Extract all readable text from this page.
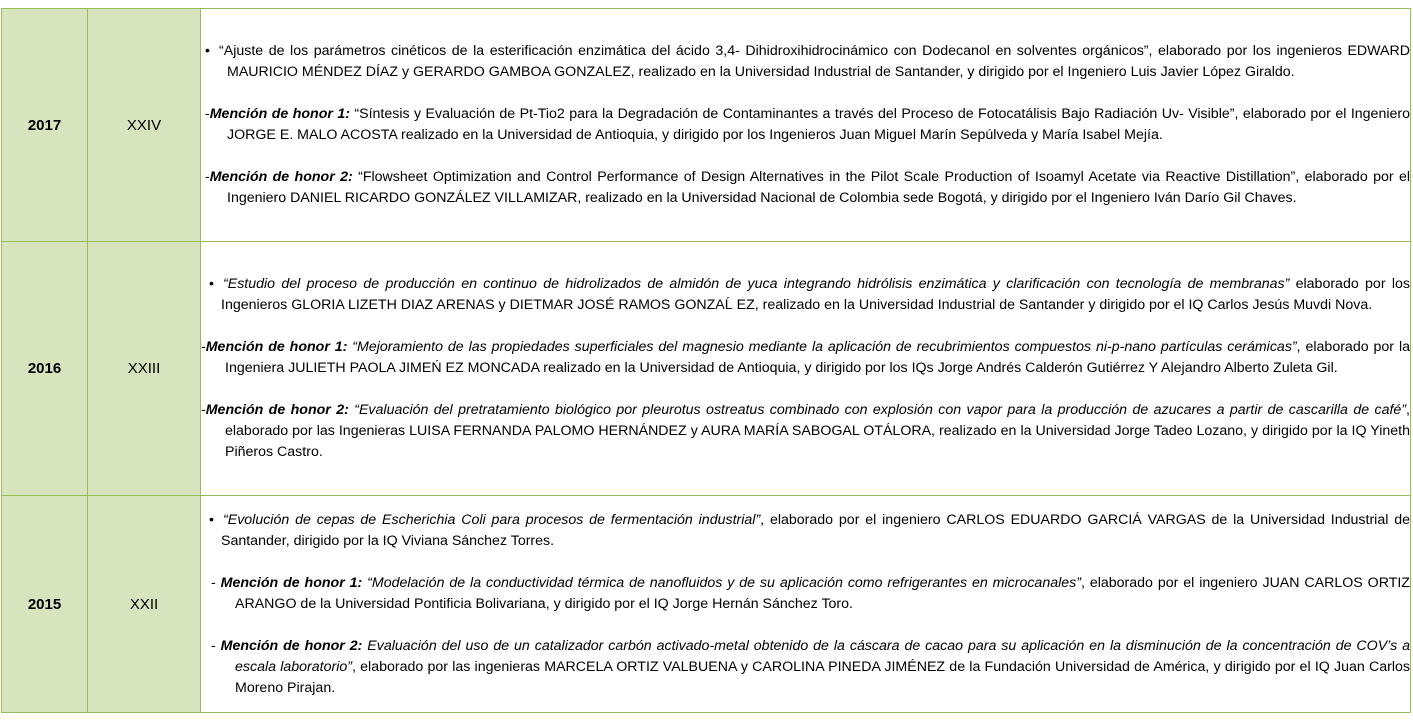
2017	XXIV	• “Ajuste de los parámetros cinéticos de la esterificación enzimática del ácido 3,4- Dihidroxihidrocinámico con Dodecanol en solventes orgánicos”, elaborado por los ingenieros EDWARD MAURICIO MÉNDEZ DÍAZ y GERARDO GAMBOA GONZALEZ, realizado en la Universidad Industrial de Santander, y dirigido por el Ingeniero Luis Javier López Giraldo.

-Mención de honor 1: “Síntesis y Evaluación de Pt-Tio2 para la Degradación de Contaminantes a través del Proceso de Fotocatálisis Bajo Radiación Uv- Visible”, elaborado por el Ingeniero JORGE E. MALO ACOSTA realizado en la Universidad de Antioquia, y dirigido por los Ingenieros Juan Miguel Marín Sepúlveda y María Isabel Mejía.

-Mención de honor 2: “Flowsheet Optimization and Control Performance of Design Alternatives in the Pilot Scale Production of Isoamyl Acetate via Reactive Distillation”, elaborado por el Ingeniero DANIEL RICARDO GONZÁLEZ VILLAMIZAR, realizado en la Universidad Nacional de Colombia sede Bogotá, y dirigido por el Ingeniero Iván Darío Gil Chaves.

2016	XXIII	• “Estudio del proceso de producción en continuo de hidrolizados de almidón de yuca integrando hidrólisis enzimática y clarificación con tecnología de membranas” elaborado por los Ingenieros GLORIA LIZETH DIAZ ARENAS y DIETMAR JOSÉ RAMOS GONZAĹ EZ, realizado en la Universidad Industrial de Santander y dirigido por el IQ Carlos Jesús Muvdi Nova.

-Mención de honor 1: “Mejoramiento de las propiedades superficiales del magnesio mediante la aplicación de recubrimientos compuestos ni-p-nano partículas cerámicas”, elaborado por la Ingeniera JULIETH PAOLA JIMEŃ EZ MONCADA realizado en la Universidad de Antioquia, y dirigido por los IQs Jorge Andrés Calderón Gutiérrez Y Alejandro Alberto Zuleta Gil.

-Mención de honor 2: “Evaluación del pretratamiento biológico por pleurotus ostreatus combinado con explosión con vapor para la producción de azucares a partir de cascarilla de café”, elaborado por las Ingenieras LUISA FERNANDA PALOMO HERNÁNDEZ y AURA MARÍA SABOGAL OTÁLORA, realizado en la Universidad Jorge Tadeo Lozano, y dirigido por la IQ Yineth Piñeros Castro.

2015	XXII	• “Evolución de cepas de Escherichia Coli para procesos de fermentación industrial”, elaborado por el ingeniero CARLOS EDUARDO GARCIÁ VARGAS de la Universidad Industrial de Santander, dirigido por la IQ Viviana Sánchez Torres.

- Mención de honor 1: “Modelación de la conductividad térmica de nanofluidos y de su aplicación como refrigerantes en microcanales”, elaborado por el ingeniero JUAN CARLOS ORTIZ ARANGO de la Universidad Pontificia Bolivariana, y dirigido por el IQ Jorge Hernán Sánchez Toro.

- Mención de honor 2: Evaluación del uso de un catalizador carbón activado-metal obtenido de la cáscara de cacao para su aplicación en la disminución de la concentración de COV’s a escala laboratorio”, elaborado por las ingenieras MARCELA ORTIZ VALBUENA y CAROLINA PINEDA JIMÉNEZ de la Fundación Universidad de América, y dirigido por el IQ Juan Carlos Moreno Pirajan.
